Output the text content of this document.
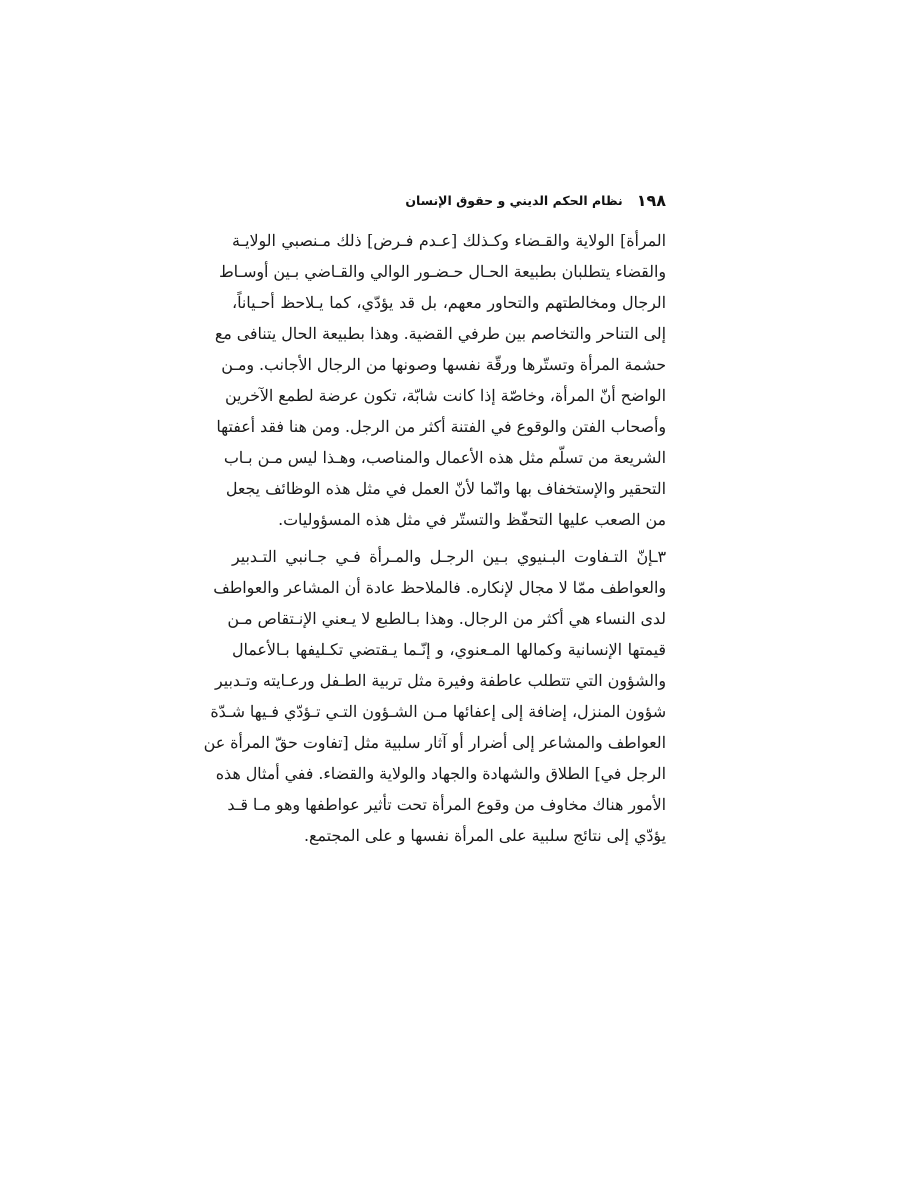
١٩٨
نظام الحكم الديني و حقوق الإنسان
المرأة] الولاية والقـضاء وكـذلك [عـدم فـرض] ذلك مـنصبي الولايـة
والقضاء يتطلبان بطبيعة الحـال حـضـور الوالي والقـاضي بـين أوسـاط
الرجال ومخالطتهم والتحاور معهم، بل قد يؤدّي، كما يـلاحظ أحـياناً،
إلى التناحر والتخاصم بين طرفي القضية. وهذا بطبيعة الحال يتنافى مع
حشمة المرأة وتستّرها ورقّة نفسها وصونها من الرجال الأجانب. ومـن
الواضح أنّ المرأة، وخاصّة إذا كانت شابّة، تكون عرضة لطمع الآخرين
وأصحاب الفتن والوقوع في الفتنة أكثر من الرجل. ومن هنا فقد أعفتها
الشريعة من تسلّم مثل هذه الأعمال والمناصب، وهـذا ليس مـن بـاب
التحقير والإستخفاف بها وانّما لأنّ العمل في مثل هذه الوظائف يجعل
من الصعب عليها التحفّظ والتستّر في مثل هذه المسؤوليات.
٣ـإنّ التـفاوت البـنيوي بـين الرجـل والمـرأة فـي جـانبي التـدبير
والعواطف ممّا لا مجال لإنكاره. فالملاحظ عادة أن المشاعر والعواطف
لدى النساء هي أكثر من الرجال. وهذا بـالطبع لا يـعني الإنـتقاص مـن
قيمتها الإنسانية وكمالها المـعنوي، و إنّـما يـقتضي تكـليفها بـالأعمال
والشؤون التي تتطلب عاطفة وفيرة مثل تربية الطـفل ورعـايته وتـدبير
شؤون المنزل، إضافة إلى إعفائها مـن الشـؤون التـي تـؤدّي فـيها شـدّة
العواطف والمشاعر إلى أضرار أو آثار سلبية مثل [تفاوت حقّ المرأة عن
الرجل في] الطلاق والشهادة والجهاد والولاية والقضاء. ففي أمثال هذه
الأمور هناك مخاوف من وقوع المرأة تحت تأثير عواطفها وهو مـا قـد
يؤدّي إلى نتائج سلبية على المرأة نفسها و على المجتمع.
